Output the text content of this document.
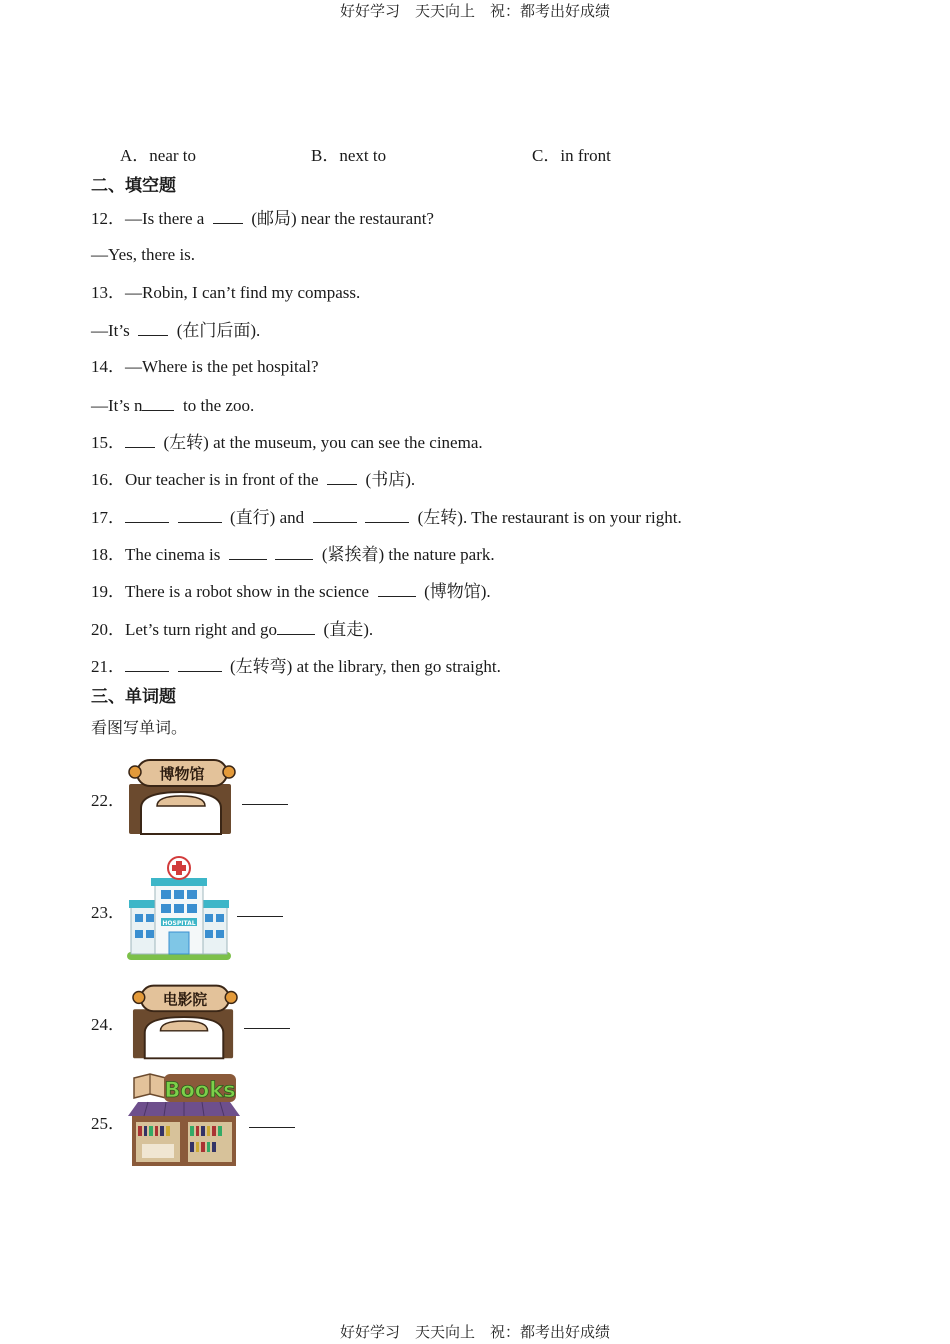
好好学习　天天向上　祝：都考出好成绩
好好学习　天天向上　祝：都考出好成绩
A．near to	B．next to	C．in front
二、填空题
12．—Is there a	(邮局) near the restaurant?
—Yes, there is.
13．—Robin, I can’t find my compass.
—It’s	(在门后面).
14．—Where is the pet hospital?
—It’s n to the zoo.
15． (左转) at the museum, you can see the cinema.
16．Our teacher is in front of the	(书店).
17．	(直行) and	(左转). The restaurant is on your right.
18．The cinema is	(紧挨着) the nature park.
19．There is a robot show in the science	(博物馆).
20．Let’s turn right and go	(直走).
21．	(左转弯) at the library, then go straight.
三、单词题
看图写单词。
22．
博物馆
23．
HOSPITAL
24．
电影院
25．
Books
